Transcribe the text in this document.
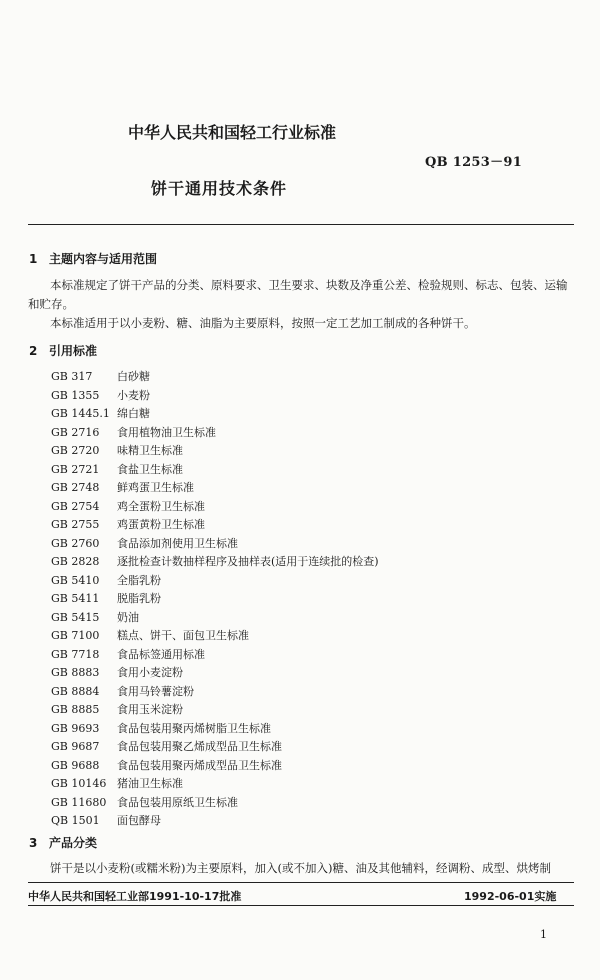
中华人民共和国轻工行业标准
QB 1253－91
饼干通用技术条件
1 主题内容与适用范围
本标准规定了饼干产品的分类、原料要求、卫生要求、块数及净重公差、检验规则、标志、包装、运输和贮存。
本标准适用于以小麦粉、糖、油脂为主要原料，按照一定工艺加工制成的各种饼干。
2 引用标准
GB 317 白砂糖
GB 1355 小麦粉
GB 1445.1 绵白糖
GB 2716 食用植物油卫生标准
GB 2720 味精卫生标准
GB 2721 食盐卫生标准
GB 2748 鲜鸡蛋卫生标准
GB 2754 鸡全蛋粉卫生标准
GB 2755 鸡蛋黄粉卫生标准
GB 2760 食品添加剂使用卫生标准
GB 2828 逐批检查计数抽样程序及抽样表(适用于连续批的检查)
GB 5410 全脂乳粉
GB 5411 脱脂乳粉
GB 5415 奶油
GB 7100 糕点、饼干、面包卫生标准
GB 7718 食品标签通用标准
GB 8883 食用小麦淀粉
GB 8884 食用马铃薯淀粉
GB 8885 食用玉米淀粉
GB 9693 食品包装用聚丙烯树脂卫生标准
GB 9687 食品包装用聚乙烯成型品卫生标准
GB 9688 食品包装用聚丙烯成型品卫生标准
GB 10146 猪油卫生标准
GB 11680 食品包装用原纸卫生标准
QB 1501 面包酵母
3 产品分类
饼干是以小麦粉(或糯米粉)为主要原料，加入(或不加入)糖、油及其他辅料，经调粉、成型、烘烤制
中华人民共和国轻工业部1991-10-17批准	1992-06-01实施
1
